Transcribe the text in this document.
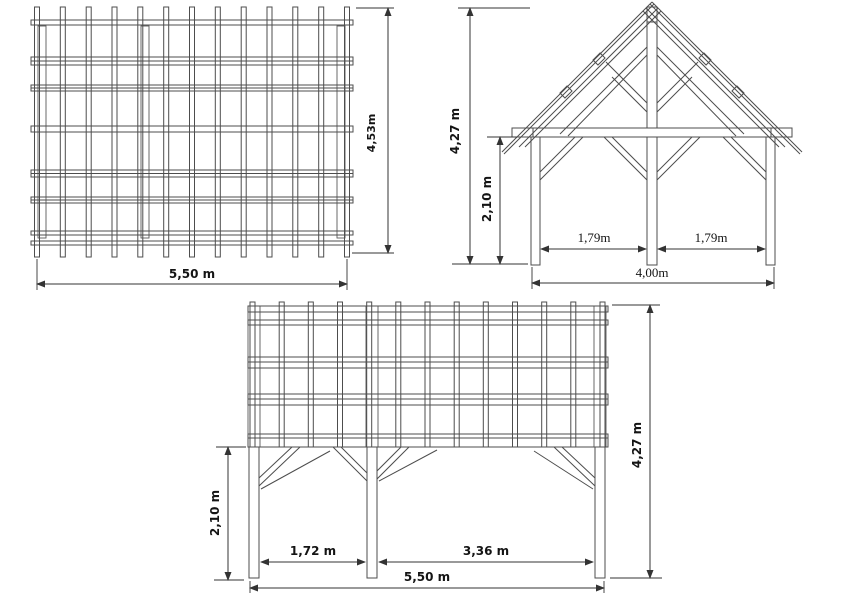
5,50 m
4,53m	4,27 m
2,10 m
1,79m	1,79m
4,00m
2,10 m
4,27 m
1,72 m	3,36 m
5,50 m
